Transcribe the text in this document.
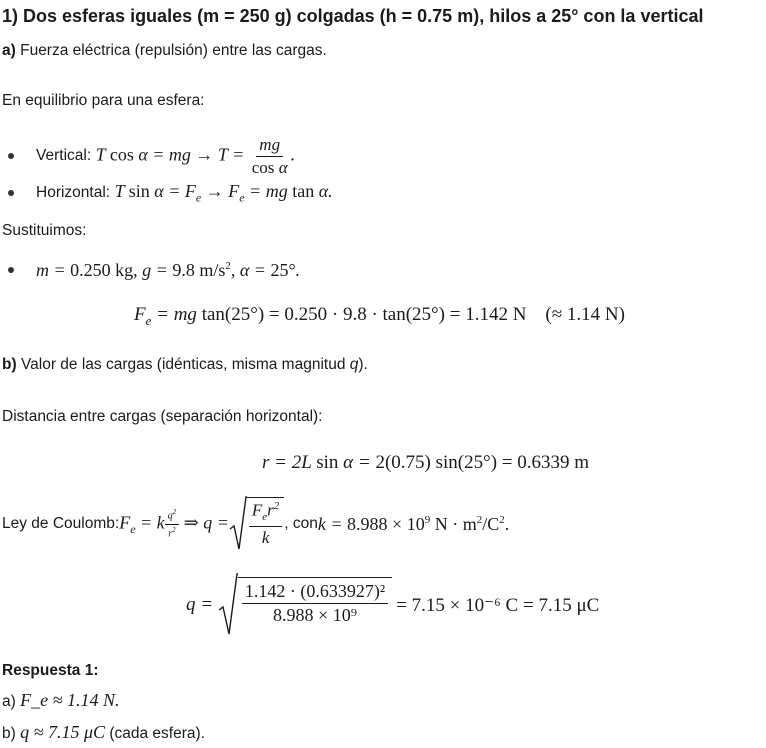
1) Dos esferas iguales (m = 250 g) colgadas (h = 0.75 m), hilos a 25° con la vertical
a) Fuerza eléctrica (repulsión) entre las cargas.
En equilibrio para una esfera:
Vertical: T cos α = mg → $T = \frac{mg}{\text{cos α}}$ .
Horizontal: T $\sin \alpha = F_e \to F_e$ = mg tan α.
Sustituimos:
m = 0.250 kg, g = 9.8 $m/s^2$, α = 25°.
$F_e$ = mg tan(25°) = 0.250 · 9.8 · tan(25°) = 1.142 N    (≈ 1.14 N)
b) Valor de las cargas (idénticas, misma magnitud q).
Distancia entre cargas (separación horizontal):
r = 2L sin α = 2(0.75) sin(25°) = 0.6339 m
Ley de Coulomb: $F_e = k \frac{q^2}{r^2}$ ⇒ $q = \frac{F_er^2}{k}$ , con $k = 8.988 \times 10^9$ $N \cdot m^2/C^2$.
$q = \frac{\text{1.142 · (0.633927)²}}{\text{8.988 × 10⁹}} = 7.15 \times 10^{-6}$ C = 7.15 μC
Respuesta 1:
a) F_e ≈ 1.14 N.
b) q ≈ 7.15 μC (cada esfera).
